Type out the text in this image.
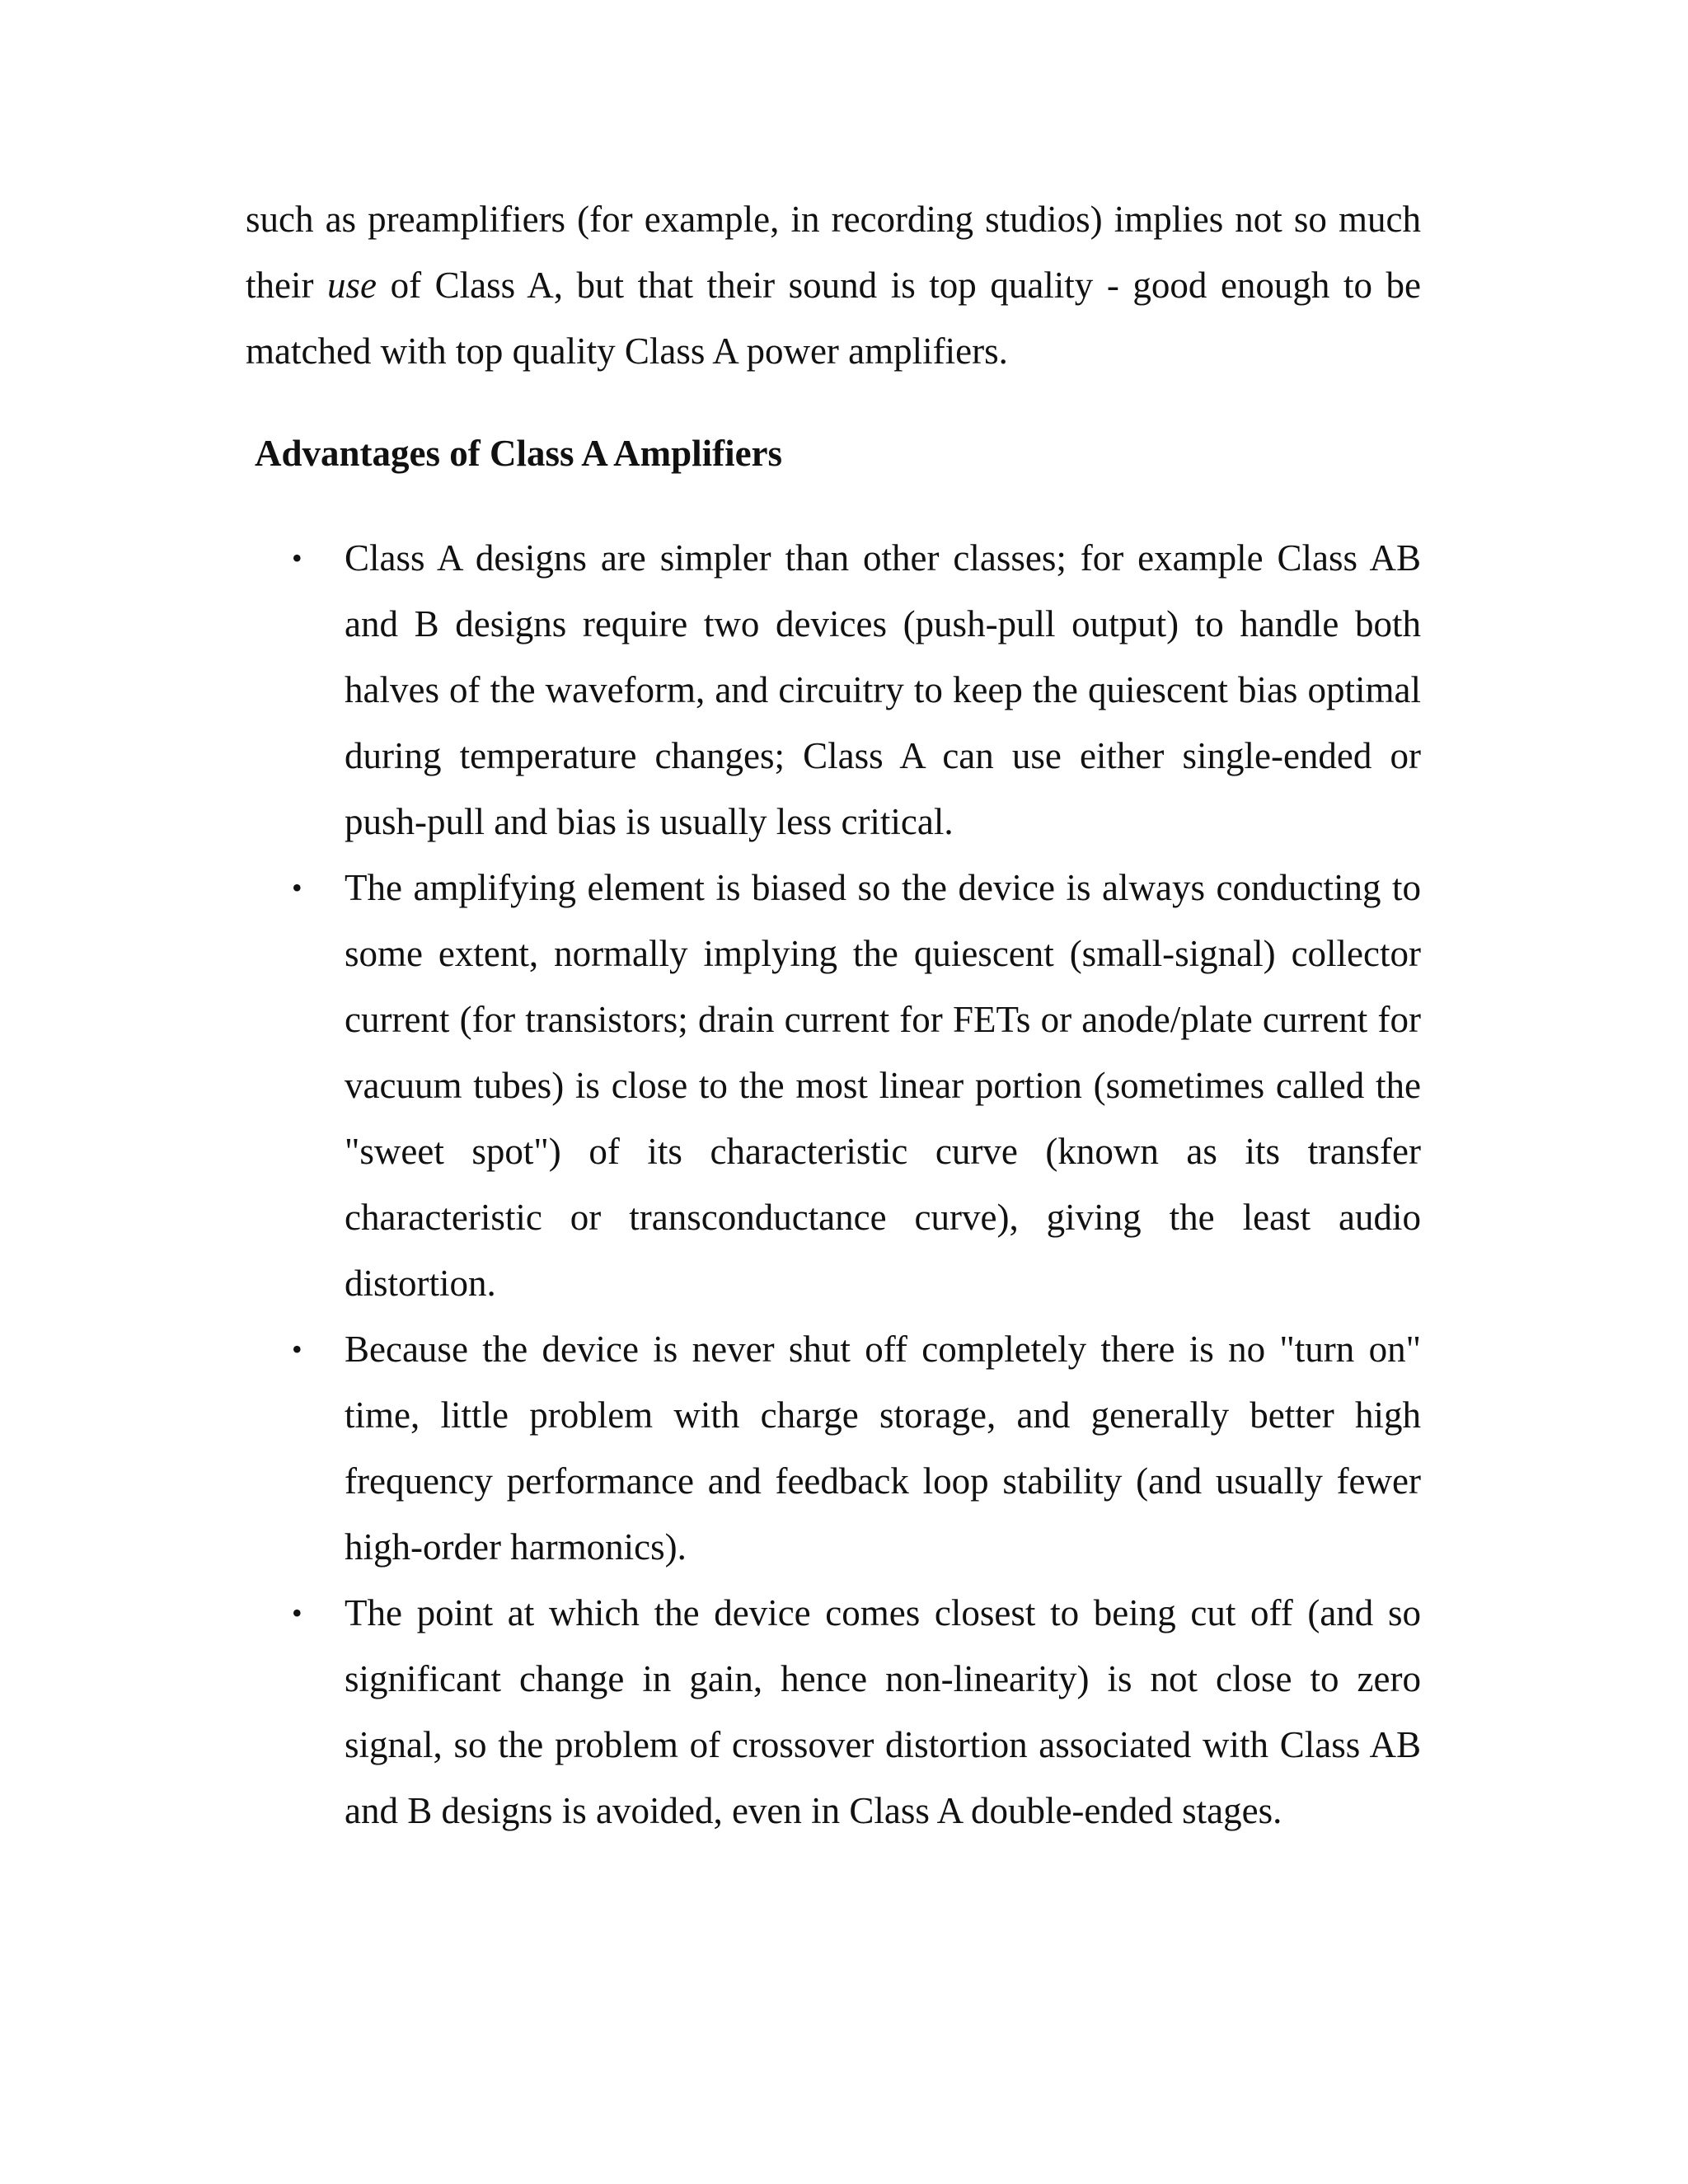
such as preamplifiers (for example, in recording studios) implies not so much their use of Class A, but that their sound is top quality - good enough to be matched with top quality Class A power amplifiers.

Advantages of Class A Amplifiers
•	Class A designs are simpler than other classes; for example Class AB and B designs require two devices (push-pull output) to handle both halves of the waveform, and circuitry to keep the quiescent bias optimal during temperature changes; Class A can use either single-ended or push-pull and bias is usually less critical.
•	The amplifying element is biased so the device is always conducting to some extent, normally implying the quiescent (small-signal) collector current (for transistors; drain current for FETs or anode/plate current for vacuum tubes) is close to the most linear portion (sometimes called the "sweet spot") of its characteristic curve (known as its transfer characteristic or transconductance curve), giving the least audio distortion.
•	Because the device is never shut off completely there is no "turn on" time, little problem with charge storage, and generally better high frequency performance and feedback loop stability (and usually fewer high-order harmonics).
•	The point at which the device comes closest to being cut off (and so significant change in gain, hence non-linearity) is not close to zero signal, so the problem of crossover distortion associated with Class AB and B designs is avoided, even in Class A double-ended stages.
